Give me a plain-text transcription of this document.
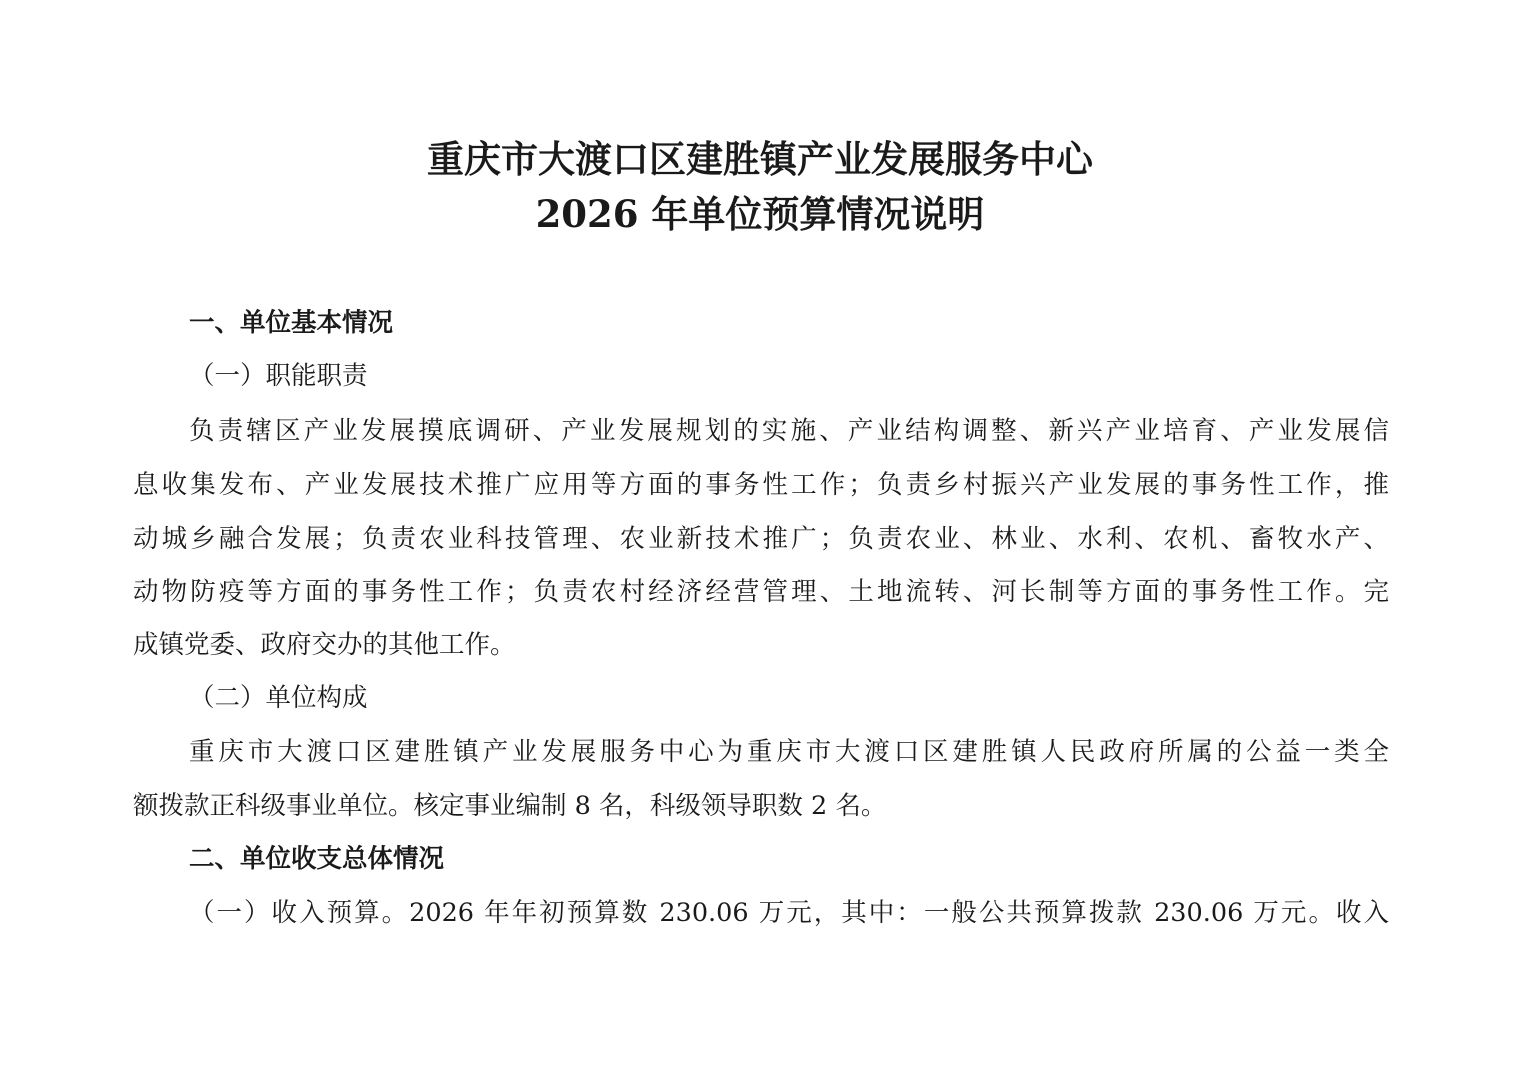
重庆市大渡口区建胜镇产业发展服务中心
2026 年单位预算情况说明
一、单位基本情况
（一）职能职责
负责辖区产业发展摸底调研、产业发展规划的实施、产业结构调整、新兴产业培育、产业发展信
息收集发布、产业发展技术推广应用等方面的事务性工作；负责乡村振兴产业发展的事务性工作，推
动城乡融合发展；负责农业科技管理、农业新技术推广；负责农业、林业、水利、农机、畜牧水产、
动物防疫等方面的事务性工作；负责农村经济经营管理、土地流转、河长制等方面的事务性工作。完
成镇党委、政府交办的其他工作。
（二）单位构成
重庆市大渡口区建胜镇产业发展服务中心为重庆市大渡口区建胜镇人民政府所属的公益一类全
额拨款正科级事业单位。核定事业编制 8 名，科级领导职数 2 名。
二、单位收支总体情况
（一）收入预算。2026 年年初预算数 230.06 万元，其中：一般公共预算拨款 230.06 万元。收入
